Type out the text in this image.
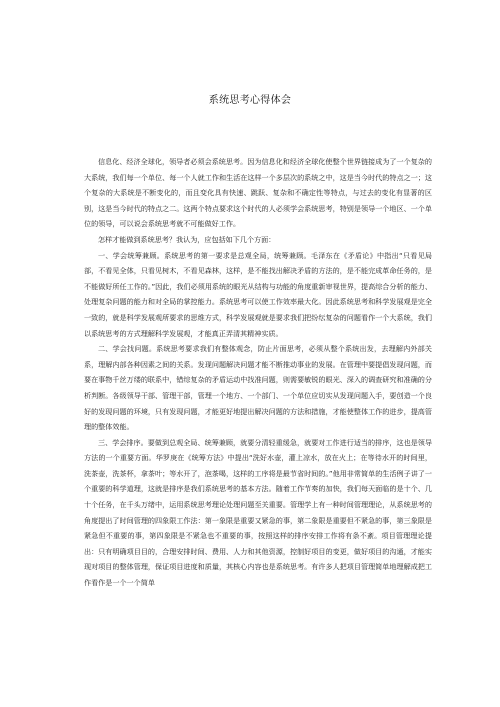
系统思考心得体会

信息化、经济全球化，领导者必须会系统思考。因为信息化和经济全球化使整个世界链接成为了一个复杂的大系统，我们每一个单位、每一个人就工作和生活在这样一个多层次的系统之中，这是当今时代的特点之一；这个复杂的大系统是不断变化的，而且变化具有快速、跳跃、复杂和不确定性等特点，与过去的变化有显著的区别，这是当今时代的特点之二。这两个特点要求这个时代的人必须学会系统思考，特别是领导一个地区、一个单位的领导，可以说会系统思考就不可能做好工作。

怎样才能做到系统思考？我认为，应包括如下几个方面：

一、学会统筹兼顾。系统思考的第一要求是总观全局，统筹兼顾。毛泽东在《矛盾论》中指出“只看见局部，不看见全体，只看见树木，不看见森林，这样，是不能找出解决矛盾的方法的，是不能完成革命任务的，是不能做好所任工作的。”因此，我们必须用系统的眼光从结构与功能的角度重新审视世界，提高综合分析的能力、处理复杂问题的能力和对全局的掌控能力。系统思考可以使工作效率最大化。因此系统思考和科学发展观是完全一致的，就是科学发展观所要求的思维方式，科学发展观就是要求我们把纷纭复杂的问题看作一个大系统，我们以系统思考的方式理解科学发展观，才能真正弄清其精神实质。

二、学会找问题。系统思考要求我们有整体观念，防止片面思考，必须从整个系统出发，去理解内外部关系，理解内部各种因素之间的关系。发现问题解决问题才能不断推动事业的发展。在管理中要提倡发现问题，而要在事物千丝万缕的联系中，错综复杂的矛盾运动中找准问题，则需要敏锐的眼光、深入的调查研究和准确的分析判断。各级领导干部、管理干部，管理一个地方、一个部门、一个单位应切实从发现问题入手，要创造一个良好的发现问题的环境，只有发现问题，才能更好地提出解决问题的方法和措施，才能使整体工作的进步，提高管理的整体效能。

三、学会排序。要做到总观全局、统筹兼顾，就要分清轻重缓急，就要对工作进行适当的排序，这也是领导方法的一个重要方面。华罗庚在《统筹方法》中提出“洗好水壶，灌上凉水，放在火上；在等待水开的时间里，洗茶壶，洗茶杯，拿茶叶；等水开了，泡茶喝，这样的工序将是最节省时间的。”他用非常简单的生活例子讲了一个重要的科学道理，这就是排序是我们系统思考的基本方法。随着工作节奏的加快，我们每天面临的是十个、几十个任务，在千头万绪中，运用系统思考理论处理问题至关重要。管理学上有一种时间管理理论，从系统思考的角度提出了时间管理的四象限工作法：第一象限是重要又紧急的事，第二象限是重要但不紧急的事，第三象限是紧急但不重要的事，第四象限是不紧急也不重要的事，按照这样的排序安排工作将有条不紊。项目管理理论提出：只有明确项目目的，合理安排时间、费用、人力和其他资源，控制好项目的变更，做好项目的沟通，才能实现对项目的整体管理，保证项目进度和质量，其核心内容也是系统思考。有许多人把项目管理简单地理解成把工作看作是一个一个简单
